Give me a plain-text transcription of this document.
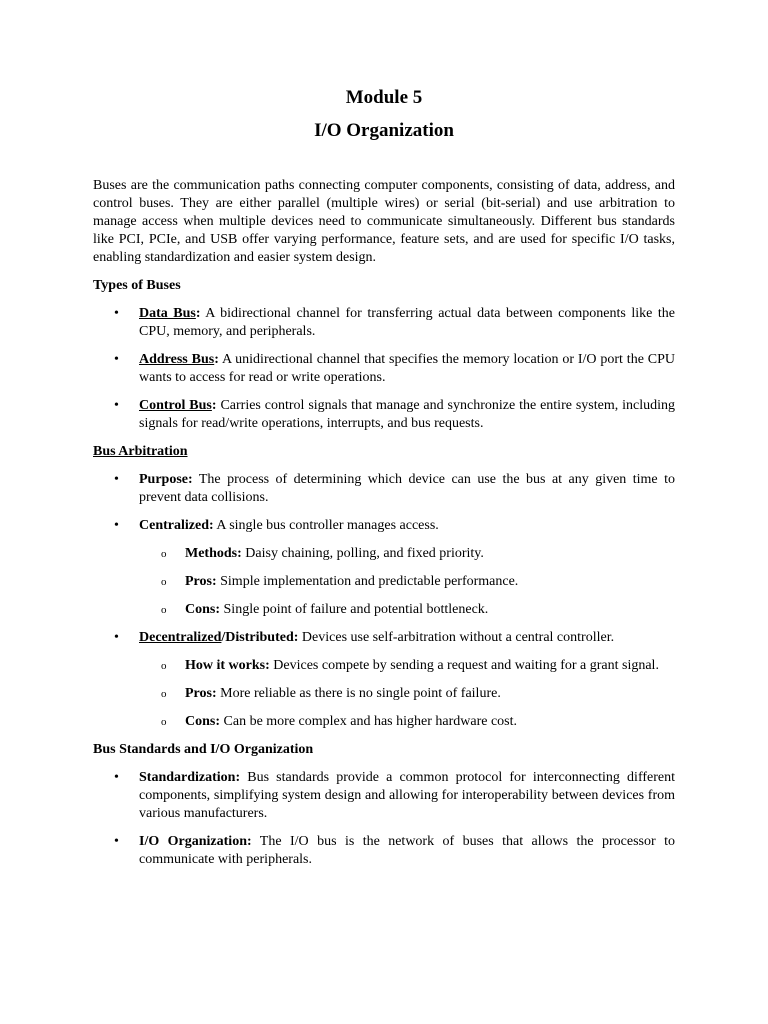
Module 5
I/O Organization

Buses are the communication paths connecting computer components, consisting of data, address, and control buses. They are either parallel (multiple wires) or serial (bit-serial) and use arbitration to manage access when multiple devices need to communicate simultaneously. Different bus standards like PCI, PCIe, and USB offer varying performance, feature sets, and are used for specific I/O tasks, enabling standardization and easier system design.

Types of Buses

• Data Bus: A bidirectional channel for transferring actual data between components like the CPU, memory, and peripherals.
• Address Bus: A unidirectional channel that specifies the memory location or I/O port the CPU wants to access for read or write operations.
• Control Bus: Carries control signals that manage and synchronize the entire system, including signals for read/write operations, interrupts, and bus requests.

Bus Arbitration

• Purpose: The process of determining which device can use the bus at any given time to prevent data collisions.
• Centralized: A single bus controller manages access.
o Methods: Daisy chaining, polling, and fixed priority.
o Pros: Simple implementation and predictable performance.
o Cons: Single point of failure and potential bottleneck.
• Decentralized/Distributed: Devices use self-arbitration without a central controller.
o How it works: Devices compete by sending a request and waiting for a grant signal.
o Pros: More reliable as there is no single point of failure.
o Cons: Can be more complex and has higher hardware cost.

Bus Standards and I/O Organization

• Standardization: Bus standards provide a common protocol for interconnecting different components, simplifying system design and allowing for interoperability between devices from various manufacturers.
• I/O Organization: The I/O bus is the network of buses that allows the processor to communicate with peripherals.
